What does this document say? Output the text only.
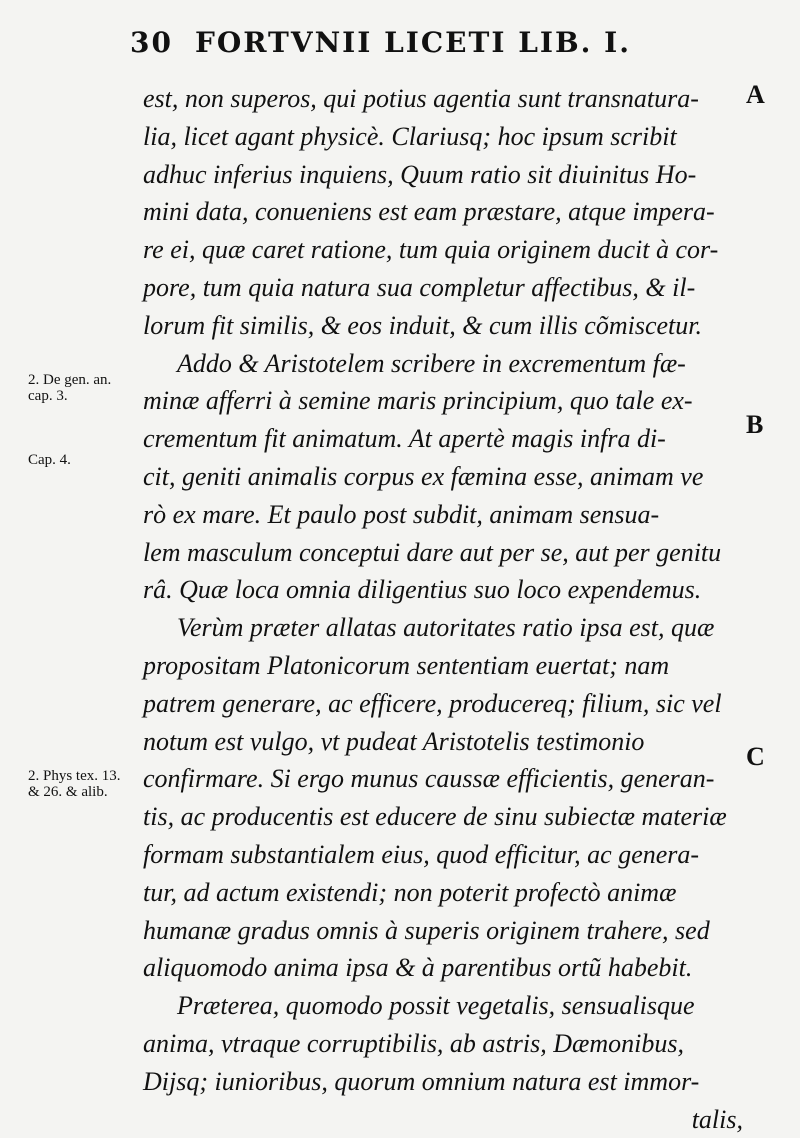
30 FORTVNII LICETI LIB. I.
est, non superos, qui potius agentia sunt transnatura-
lia, licet agant physicè. Clariusq; hoc ipsum scribit
adhuc inferius inquiens, Quum ratio sit diuinitus Ho-
mini data, conueniens est eam præstare, atque impera-
re ei, quæ caret ratione, tum quia originem ducit à cor-
pore, tum quia natura sua completur affectibus, & il-
lorum fit similis, & eos induit, & cum illis cõmiscetur.
Addo & Aristotelem scribere in excrementum fæ-
minæ afferri à semine maris principium, quo tale ex-
crementum fit animatum. At apertè magis infra di-
cit, geniti animalis corpus ex fæmina esse, animam ve
rò ex mare. Et paulo post subdit, animam sensua-
lem masculum conceptui dare aut per se, aut per genitu
râ. Quæ loca omnia diligentius suo loco expendemus.
Verùm præter allatas autoritates ratio ipsa est, quæ
propositam Platonicorum sententiam euertat; nam
patrem generare, ac efficere, producereq; filium, sic vel
notum est vulgo, vt pudeat Aristotelis testimonio
confirmare. Si ergo munus caussæ efficientis, generan-
tis, ac producentis est educere de sinu subiectæ materiæ
formam substantialem eius, quod efficitur, ac genera-
tur, ad actum existendi; non poterit profectò animæ
humanæ gradus omnis à superis originem trahere, sed
aliquomodo anima ipsa & à parentibus ortũ habebit.
Præterea, quomodo possit vegetalis, sensualisque
anima, vtraque corruptibilis, ab astris, Dæmonibus,
Dijsq; iunioribus, quorum omnium natura est immor-
talis,
2. De gen. an.
cap. 3.
Cap. 4.
2. Phys tex. 13.
& 26. & alib.
A
B
C
